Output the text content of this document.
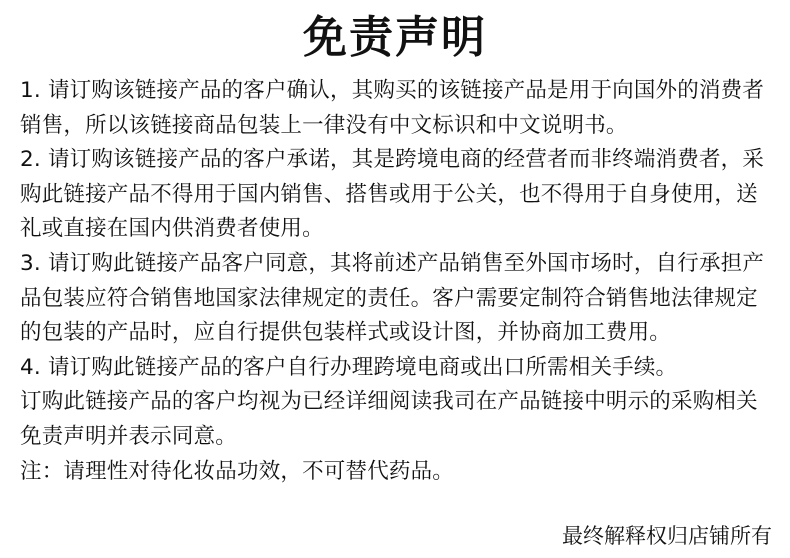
免责声明

1. 请订购该链接产品的客户确认，其购买的该链接产品是用于向国外的消费者销售，所以该链接商品包装上一律没有中文标识和中文说明书。

2. 请订购该链接产品的客户承诺，其是跨境电商的经营者而非终端消费者，采购此链接产品不得用于国内销售、搭售或用于公关，也不得用于自身使用，送礼或直接在国内供消费者使用。

3. 请订购此链接产品客户同意，其将前述产品销售至外国市场时，自行承担产品包装应符合销售地国家法律规定的责任。客户需要定制符合销售地法律规定的包装的产品时，应自行提供包装样式或设计图，并协商加工费用。

4. 请订购此链接产品的客户自行办理跨境电商或出口所需相关手续。

订购此链接产品的客户均视为已经详细阅读我司在产品链接中明示的采购相关免责声明并表示同意。

注：请理性对待化妆品功效，不可替代药品。

最终解释权归店铺所有
